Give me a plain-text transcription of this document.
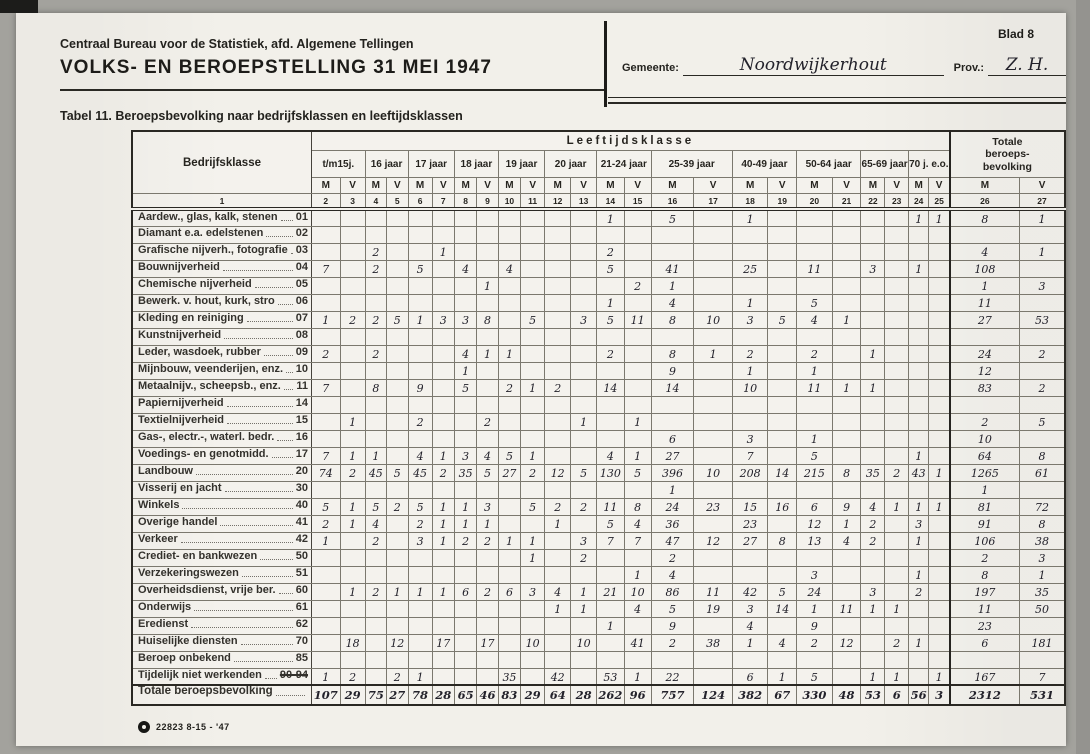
Centraal Bureau voor de Statistiek, afd. Algemene Tellingen
VOLKS- EN BEROEPSTELLING 31 MEI 1947
Tabel 11. Beroepsbevolking naar bedrijfsklassen en leeftijdsklassen
Blad 8
Gemeente:	Noordwijkerhout	Prov.:	Z. H.
Bedrijfsklasse	Leeftijdsklasse																								Totale beroeps-bevolking	

	t/m15j.		16 jaar		17 jaar		18 jaar		19 jaar		20 jaar		21-24 jaar		25-39 jaar		40-49 jaar		50-64 jaar		65-69 jaar		70 j. e.o.			
	M	V	M	V	M	V	M	V	M	V	M	V	M	V	M	V	M	V	M	V	M	V	M	V	M	V
1	2	3	4	5	6	7	8	9	10	11	12	13	14	15	16	17	18	19	20	21	22	23	24	25	26	27

Aardew., glas, kalk, stenen 01													1		5		1						1	1	8	1

Diamant e.a. edelstenen 02																										

Grafische nijverh., fotografie 03			2			1							2												4	1

Bouwnijverheid 04	7		2		5		4		4				5		41		25		11		3		1		108	

Chemische nijverheid 05								1						2	1										1	3

Bewerk. v. hout, kurk, stro 06													1		4		1		5						11	

Kleding en reiniging 07	1	2	2	5	1	3	3	8		5		3	5	11	8	10	3	5	4	1					27	53

Kunstnijverheid 08																										

Leder, wasdoek, rubber 09	2		2				4	1	1				2		8	1	2		2		1				24	2

Mijnbouw, veenderijen, enz. 10							1								9		1		1						12	

Metaalnijv., scheepsb., enz. 11	7		8		9		5		2	1	2		14		14		10		11	1	1				83	2

Papiernijverheid 14																										

Textielnijverheid 15		1			2			2				1		1											2	5

Gas-, electr.-, waterl. bedr. 16															6		3		1						10	

Voedings- en genotmidd. 17	7	1	1		4	1	3	4	5	1			4	1	27		7		5				1		64	8

Landbouw 20	74	2	45	5	45	2	35	5	27	2	12	5	130	5	396	10	208	14	215	8	35	2	43	1	1265	61

Visserij en jacht 30															1										1	

Winkels 40	5	1	5	2	5	1	1	3		5	2	2	11	8	24	23	15	16	6	9	4	1	1	1	81	72

Overige handel 41	2	1	4		2	1	1	1			1		5	4	36		23		12	1	2		3		91	8

Verkeer 42	1		2		3	1	2	2	1	1		3	7	7	47	12	27	8	13	4	2		1		106	38

Crediet- en bankwezen 50										1		2			2										2	3

Verzekeringswezen 51														1	4				3				1		8	1

Overheidsdienst, vrije ber. 60		1	2	1	1	1	6	2	6	3	4	1	21	10	86	11	42	5	24		3		2		197	35

Onderwijs 61											1	1		4	5	19	3	14	1	11	1	1			11	50

Eredienst 62													1		9		4		9						23	

Huiselijke diensten 70		18		12		17		17		10		10		41	2	38	1	4	2	12		2	1		6	181

Beroep onbekend 85																										

Tijdelijk niet werkenden 90-94	1	2		2	1				35		42		53	1	22		6	1	5		1	1		1	167	7

Totale beroepsbevolking	107	29	75	27	78	28	65	46	83	29	64	28	262	96	757	124	382	67	330	48	53	6	56	3	2312	531
22823 8-15 - '47
